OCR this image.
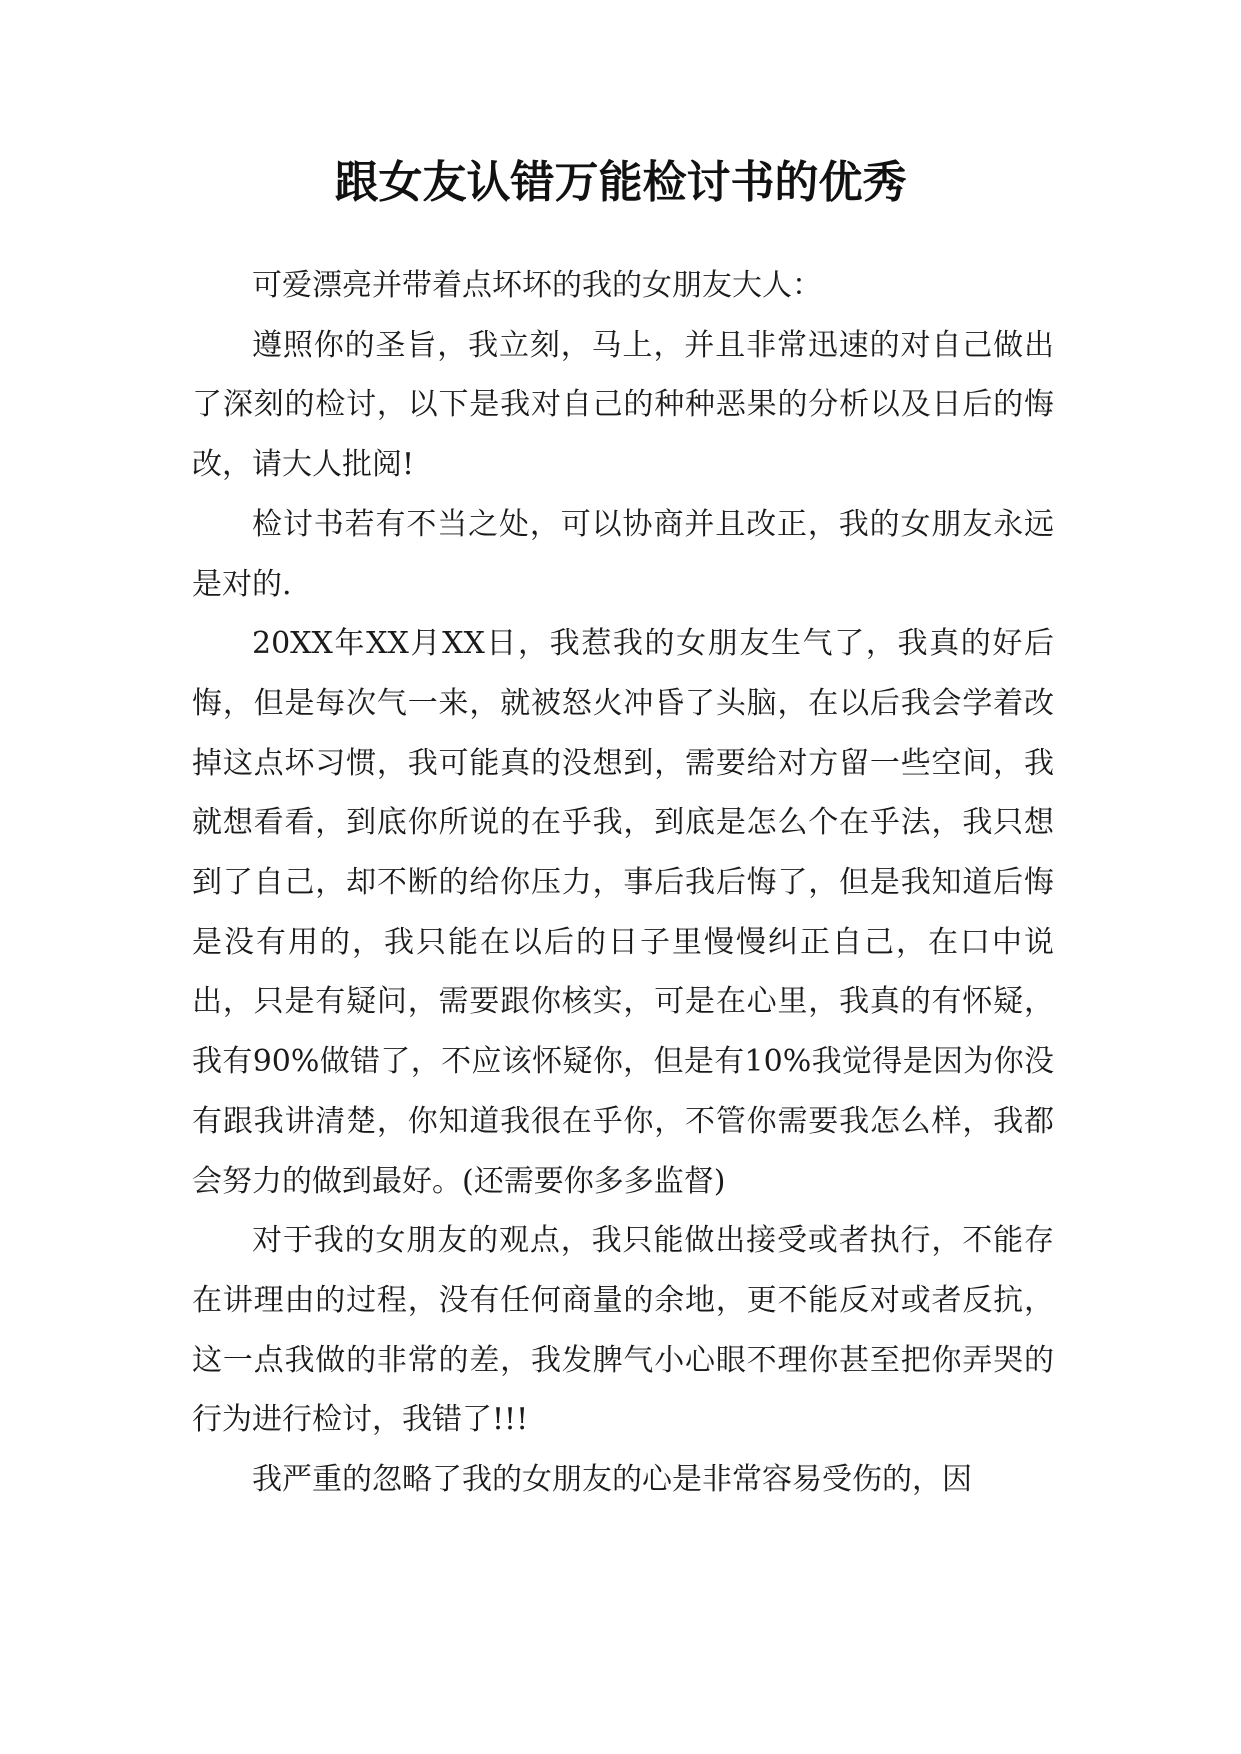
跟女友认错万能检讨书的优秀

可爱漂亮并带着点坏坏的我的女朋友大人：

遵照你的圣旨，我立刻，马上，并且非常迅速的对自己做出了深刻的检讨，以下是我对自己的种种恶果的分析以及日后的悔改，请大人批阅!

检讨书若有不当之处，可以协商并且改正，我的女朋友永远是对的.

20XX年XX月XX日，我惹我的女朋友生气了，我真的好后悔，但是每次气一来，就被怒火冲昏了头脑，在以后我会学着改掉这点坏习惯，我可能真的没想到，需要给对方留一些空间，我就想看看，到底你所说的在乎我，到底是怎么个在乎法，我只想到了自己，却不断的给你压力，事后我后悔了，但是我知道后悔是没有用的，我只能在以后的日子里慢慢纠正自己，在口中说出，只是有疑问，需要跟你核实，可是在心里，我真的有怀疑，我有90%做错了，不应该怀疑你，但是有10%我觉得是因为你没有跟我讲清楚，你知道我很在乎你，不管你需要我怎么样，我都会努力的做到最好。(还需要你多多监督)

对于我的女朋友的观点，我只能做出接受或者执行，不能存在讲理由的过程，没有任何商量的余地，更不能反对或者反抗，这一点我做的非常的差，我发脾气小心眼不理你甚至把你弄哭的行为进行检讨，我错了!!!

我严重的忽略了我的女朋友的心是非常容易受伤的，因
